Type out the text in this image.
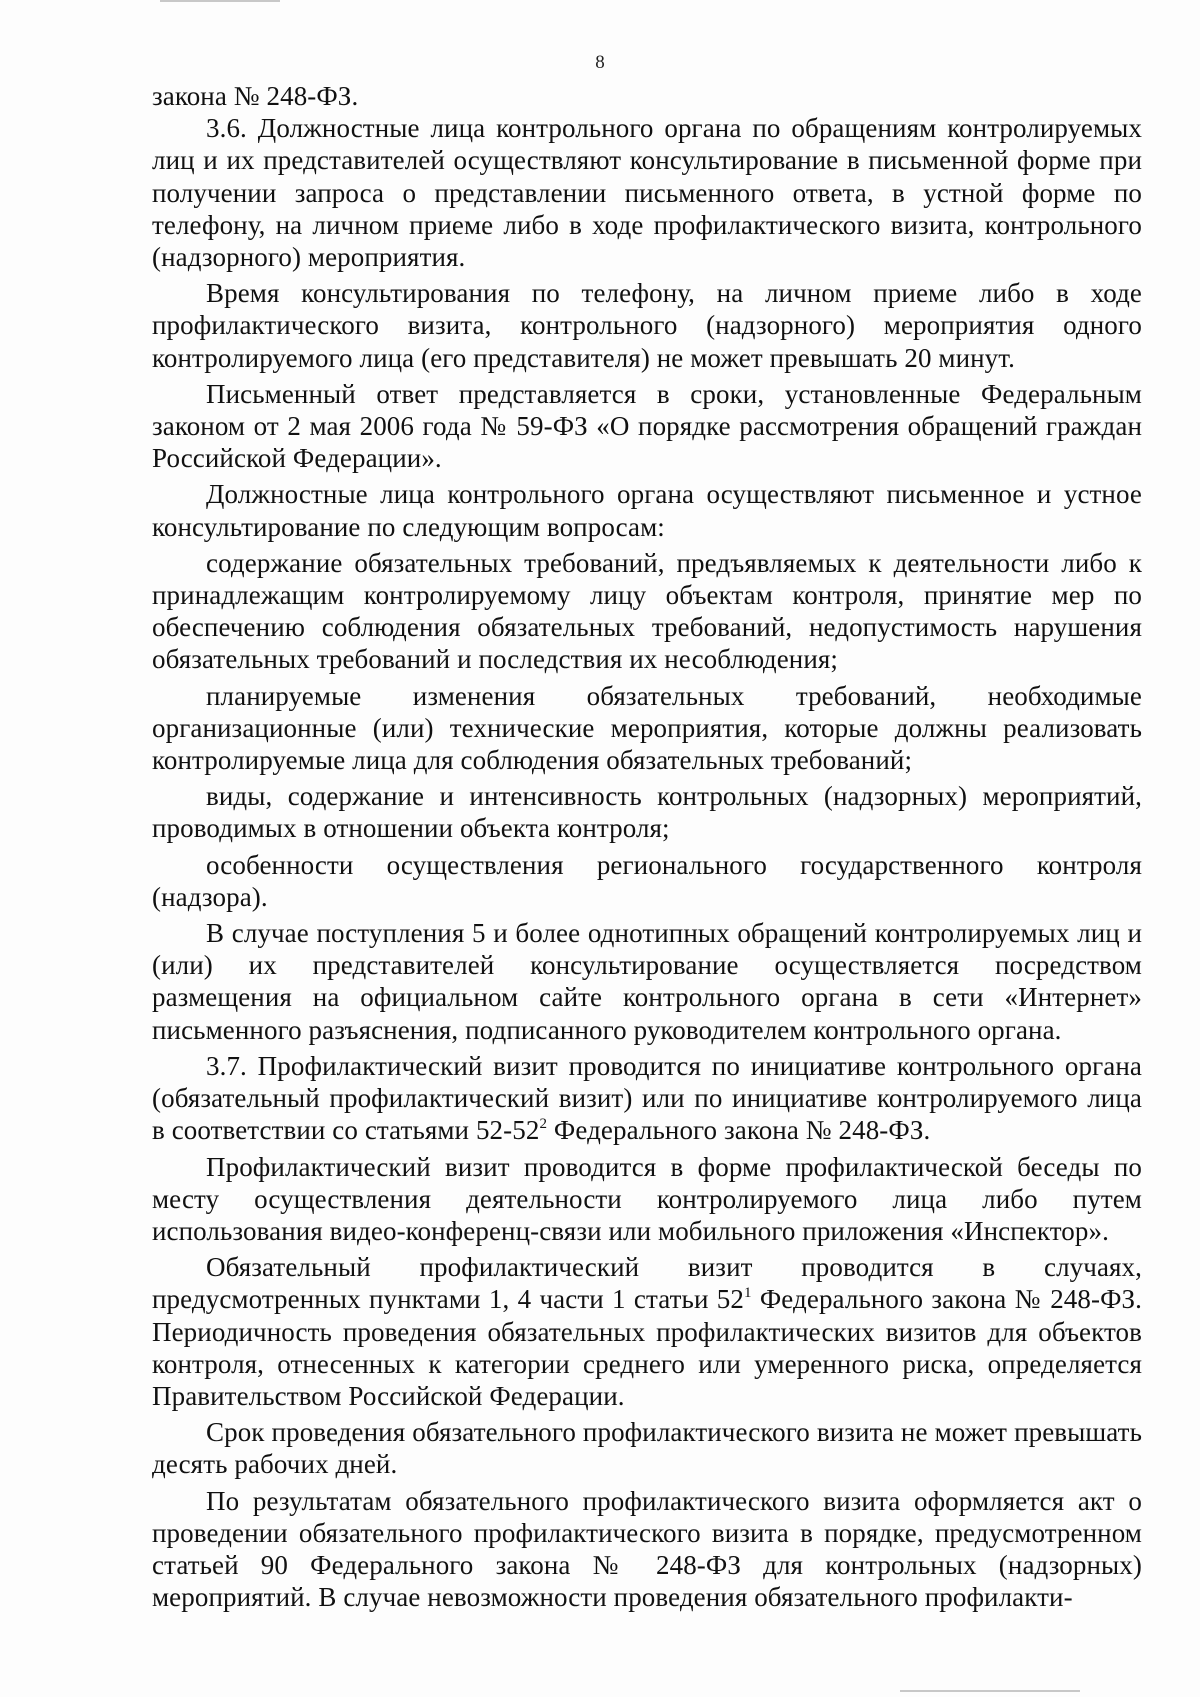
8

закона № 248-ФЗ.

3.6. Должностные лица контрольного органа по обращениям контролируемых лиц и их представителей осуществляют консультирование в письменной форме при получении запроса о представлении письменного ответа, в устной форме по телефону, на личном приеме либо в ходе профилактического визита, контрольного (надзорного) мероприятия.

Время консультирования по телефону, на личном приеме либо в ходе профилактического визита, контрольного (надзорного) мероприятия одного контролируемого лица (его представителя) не может превышать 20 минут.

Письменный ответ представляется в сроки, установленные Федеральным законом от 2 мая 2006 года № 59-ФЗ «О порядке рассмотрения обращений граждан Российской Федерации».

Должностные лица контрольного органа осуществляют письменное и устное консультирование по следующим вопросам:

содержание обязательных требований, предъявляемых к деятельности либо к принадлежащим контролируемому лицу объектам контроля, принятие мер по обеспечению соблюдения обязательных требований, недопустимость нарушения обязательных требований и последствия их несоблюдения;

планируемые изменения обязательных требований, необходимые организационные (или) технические мероприятия, которые должны реализовать контролируемые лица для соблюдения обязательных требований;

виды, содержание и интенсивность контрольных (надзорных) мероприятий, проводимых в отношении объекта контроля;

особенности осуществления регионального государственного контроля (надзора).

В случае поступления 5 и более однотипных обращений контролируемых лиц и (или) их представителей консультирование осуществляется посредством размещения на официальном сайте контрольного органа в сети «Интернет» письменного разъяснения, подписанного руководителем контрольного органа.

3.7. Профилактический визит проводится по инициативе контрольного органа (обязательный профилактический визит) или по инициативе контролируемого лица в соответствии со статьями $52-52^2$ Федерального закона № 248-ФЗ.

Профилактический визит проводится в форме профилактической беседы по месту осуществления деятельности контролируемого лица либо путем использования видео-конференц-связи или мобильного приложения «Инспектор».

Обязательный профилактический визит проводится в случаях, предусмотренных пунктами 1, 4 части 1 статьи $52^1$ Федерального закона № 248-ФЗ. Периодичность проведения обязательных профилактических визитов для объектов контроля, отнесенных к категории среднего или умеренного риска, определяется Правительством Российской Федерации.

Срок проведения обязательного профилактического визита не может превышать десять рабочих дней.

По результатам обязательного профилактического визита оформляется акт о проведении обязательного профилактического визита в порядке, предусмотренном статьей 90 Федерального закона № 248-ФЗ для контрольных (надзорных) мероприятий. В случае невозможности проведения обязательного профилакти-
